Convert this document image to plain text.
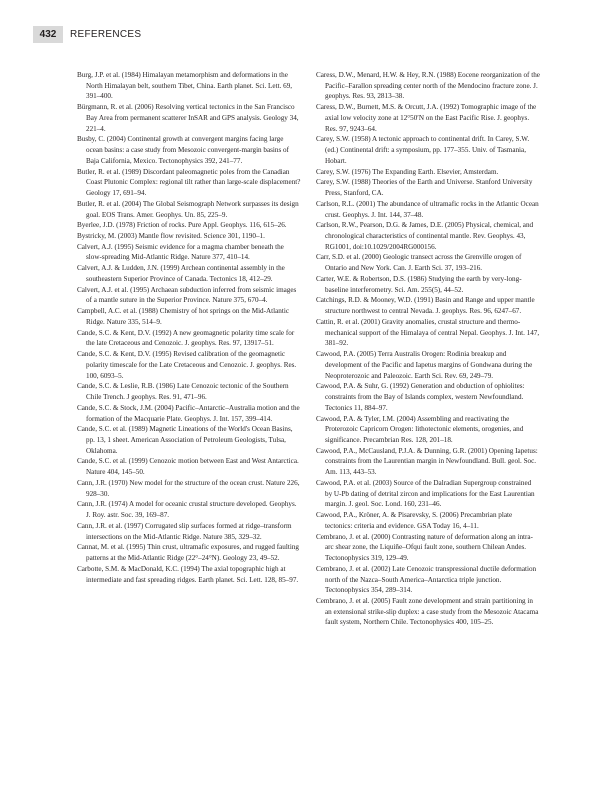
432	REFERENCES

Burg, J.P. et al. (1984) Himalayan metamorphism and deformations in the North Himalayan belt, southern Tibet, China. Earth planet. Sci. Lett. 69, 391–400.

Bürgmann, R. et al. (2006) Resolving vertical tectonics in the San Francisco Bay Area from permanent scatterer InSAR and GPS analysis. Geology 34, 221–4.

Busby, C. (2004) Continental growth at convergent margins facing large ocean basins: a case study from Mesozoic convergent-margin basins of Baja California, Mexico. Tectonophysics 392, 241–77.

Butler, R. et al. (1989) Discordant paleomagnetic poles from the Canadian Coast Plutonic Complex: regional tilt rather than large-scale displacement? Geology 17, 691–94.

Butler, R. et al. (2004) The Global Seismograph Network surpasses its design goal. EOS Trans. Amer. Geophys. Un. 85, 225–9.

Byerlee, J.D. (1978) Friction of rocks. Pure Appl. Geophys. 116, 615–26.

Bystricky, M. (2003) Mantle flow revisited. Science 301, 1190–1.

Calvert, A.J. (1995) Seismic evidence for a magma chamber beneath the slow-spreading Mid-Atlantic Ridge. Nature 377, 410–14.

Calvert, A.J. & Ludden, J.N. (1999) Archean continental assembly in the southeastern Superior Province of Canada. Tectonics 18, 412–29.

Calvert, A.J. et al. (1995) Archaean subduction inferred from seismic images of a mantle suture in the Superior Province. Nature 375, 670–4.

Campbell, A.C. et al. (1988) Chemistry of hot springs on the Mid-Atlantic Ridge. Nature 335, 514–9.

Cande, S.C. & Kent, D.V. (1992) A new geomagnetic polarity time scale for the late Cretaceous and Cenozoic. J. geophys. Res. 97, 13917–51.

Cande, S.C. & Kent, D.V. (1995) Revised calibration of the geomagnetic polarity timescale for the Late Cretaceous and Cenozoic. J. geophys. Res. 100, 6093–5.

Cande, S.C. & Leslie, R.B. (1986) Late Cenozoic tectonic of the Southern Chile Trench. J geophys. Res. 91, 471–96.

Cande, S.C. & Stock, J.M. (2004) Pacific–Antarctic–Australia motion and the formation of the Macquarie Plate. Geophys. J. Int. 157, 399–414.

Cande, S.C. et al. (1989) Magnetic Lineations of the World's Ocean Basins, pp. 13, 1 sheet. American Association of Petroleum Geologists, Tulsa, Oklahoma.

Cande, S.C. et al. (1999) Cenozoic motion between East and West Antarctica. Nature 404, 145–50.

Cann, J.R. (1970) New model for the structure of the ocean crust. Nature 226, 928–30.

Cann, J.R. (1974) A model for oceanic crustal structure developed. Geophys. J. Roy. astr. Soc. 39, 169–87.

Cann, J.R. et al. (1997) Corrugated slip surfaces formed at ridge–transform intersections on the Mid-Atlantic Ridge. Nature 385, 329–32.

Cannat, M. et al. (1995) Thin crust, ultramafic exposures, and rugged faulting patterns at the Mid-Atlantic Ridge (22°–24°N). Geology 23, 49–52.

Carbotte, S.M. & MacDonald, K.C. (1994) The axial topographic high at intermediate and fast spreading ridges. Earth planet. Sci. Lett. 128, 85–97.

Caress, D.W., Menard, H.W. & Hey, R.N. (1988) Eocene reorganization of the Pacific–Farallon spreading center north of the Mendocino fracture zone. J. geophys. Res. 93, 2813–38.

Caress, D.W., Burnett, M.S. & Orcutt, J.A. (1992) Tomographic image of the axial low velocity zone at 12°50′N on the East Pacific Rise. J. geophys. Res. 97, 9243–64.

Carey, S.W. (1958) A tectonic approach to continental drift. In Carey, S.W. (ed.) Continental drift: a symposium, pp. 177–355. Univ. of Tasmania, Hobart.

Carey, S.W. (1976) The Expanding Earth. Elsevier, Amsterdam.

Carey, S.W. (1988) Theories of the Earth and Universe. Stanford University Press, Stanford, CA.

Carlson, R.L. (2001) The abundance of ultramafic rocks in the Atlantic Ocean crust. Geophys. J. Int. 144, 37–48.

Carlson, R.W., Pearson, D.G. & James, D.E. (2005) Physical, chemical, and chronological characteristics of continental mantle. Rev. Geophys. 43, RG1001, doi:10.1029/2004RG000156.

Carr, S.D. et al. (2000) Geologic transect across the Grenville orogen of Ontario and New York. Can. J. Earth Sci. 37, 193–216.

Carter, W.E. & Robertson, D.S. (1986) Studying the earth by very-long-baseline interferometry. Sci. Am. 255(5), 44–52.

Catchings, R.D. & Mooney, W.D. (1991) Basin and Range and upper mantle structure northwest to central Nevada. J. geophys. Res. 96, 6247–67.

Cattin, R. et al. (2001) Gravity anomalies, crustal structure and thermo-mechanical support of the Himalaya of central Nepal. Geophys. J. Int. 147, 381–92.

Cawood, P.A. (2005) Terra Australis Orogen: Rodinia breakup and development of the Pacific and Iapetus margins of Gondwana during the Neoproterozoic and Paleozoic. Earth Sci. Rev. 69, 249–79.

Cawood, P.A. & Suhr, G. (1992) Generation and obduction of ophiolites: constraints from the Bay of Islands complex, western Newfoundland. Tectonics 11, 884–97.

Cawood, P.A. & Tyler, I.M. (2004) Assembling and reactivating the Proterozoic Capricorn Orogen: lithotectonic elements, orogenies, and significance. Precambrian Res. 128, 201–18.

Cawood, P.A., McCausland, P.J.A. & Dunning, G.R. (2001) Opening Iapetus: constraints from the Laurentian margin in Newfoundland. Bull. geol. Soc. Am. 113, 443–53.

Cawood, P.A. et al. (2003) Source of the Dalradian Supergroup constrained by U-Pb dating of detrital zircon and implications for the East Laurentian margin. J. geol. Soc. Lond. 160, 231–46.

Cawood, P.A., Kröner, A. & Pisarevsky, S. (2006) Precambrian plate tectonics: criteria and evidence. GSA Today 16, 4–11.

Cembrano, J. et al. (2000) Contrasting nature of deformation along an intra-arc shear zone, the Liquiñe–Ofqui fault zone, southern Chilean Andes. Tectonophysics 319, 129–49.

Cembrano, J. et al. (2002) Late Cenozoic transpressional ductile deformation north of the Nazca–South America–Antarctica triple junction. Tectonophysics 354, 289–314.

Cembrano, J. et al. (2005) Fault zone development and strain partitioning in an extensional strike-slip duplex: a case study from the Mesozoic Atacama fault system, Northern Chile. Tectonophysics 400, 105–25.
